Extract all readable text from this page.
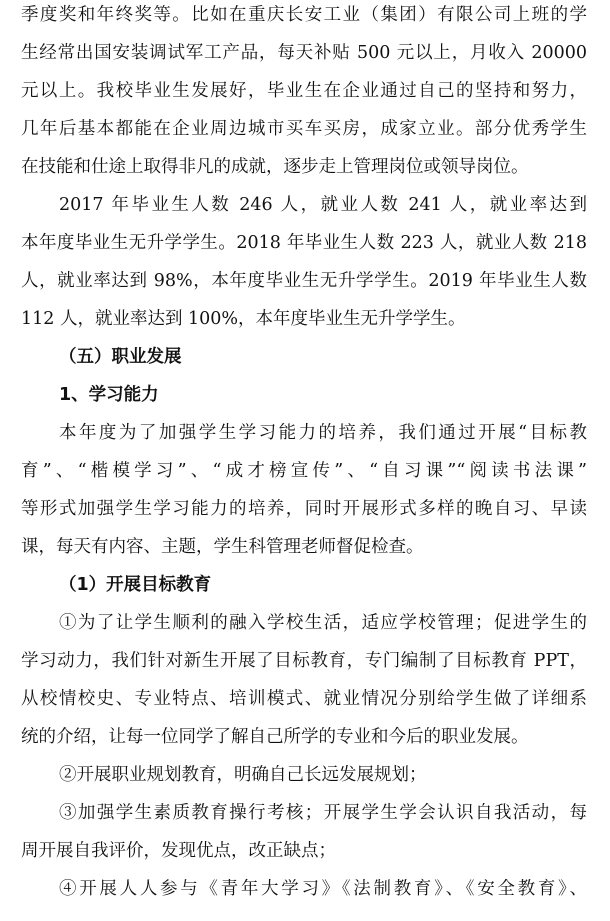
季度奖和年终奖等。比如在重庆长安工业（集团）有限公司上班的学
生经常出国安装调试军工产品，每天补贴 500 元以上，月收入 20000
元以上。我校毕业生发展好，毕业生在企业通过自己的坚持和努力，
几年后基本都能在企业周边城市买车买房，成家立业。部分优秀学生
在技能和仕途上取得非凡的成就，逐步走上管理岗位或领导岗位。
2017 年毕业生人数 246 人，就业人数 241 人，就业率达到
本年度毕业生无升学学生。2018 年毕业生人数 223 人，就业人数 218
人，就业率达到 98%，本年度毕业生无升学学生。2019 年毕业生人数
112 人，就业率达到 100%，本年度毕业生无升学学生。
（五）职业发展
1、学习能力
本年度为了加强学生学习能力的培养，我们通过开展“目标教
育”、“楷模学习”、“成才榜宣传”、“自习课”“阅读书法课”
等形式加强学生学习能力的培养，同时开展形式多样的晚自习、早读
课，每天有内容、主题，学生科管理老师督促检查。
（1）开展目标教育
①为了让学生顺利的融入学校生活，适应学校管理；促进学生的
学习动力，我们针对新生开展了目标教育，专门编制了目标教育 PPT，
从校情校史、专业特点、培训模式、就业情况分别给学生做了详细系
统的介绍，让每一位同学了解自己所学的专业和今后的职业发展。
②开展职业规划教育，明确自己长远发展规划；
③加强学生素质教育操行考核；开展学生学会认识自我活动，每
周开展自我评价，发现优点，改正缺点；
④开展人人参与《青年大学习》《法制教育》、《安全教育》、
